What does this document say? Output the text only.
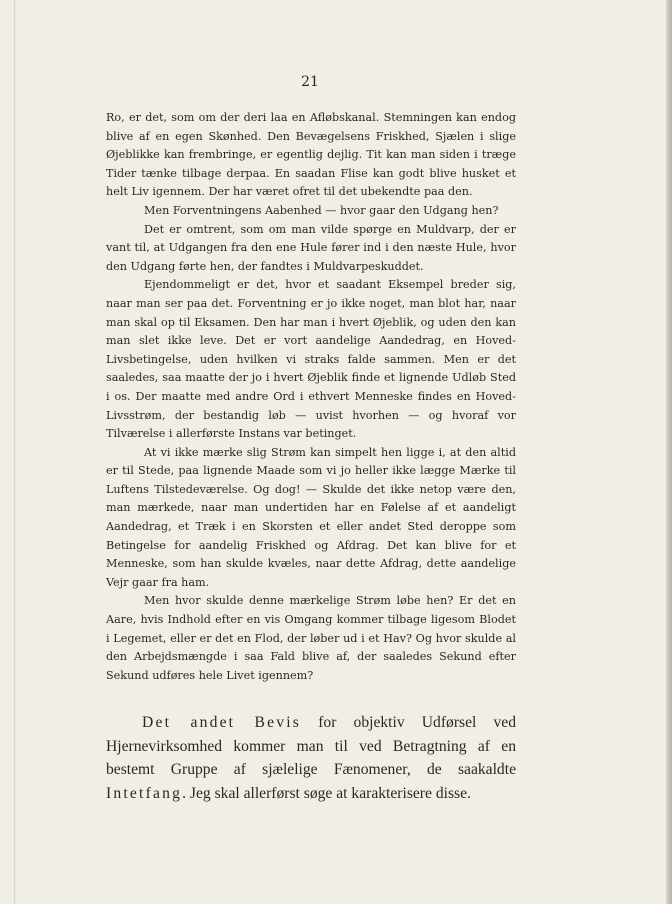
21

Ro, er det, som om der deri laa en Afløbskanal. Stemningen kan endog blive af en egen Skønhed. Den Bevægelsens Friskhed, Sjælen i slige Øjeblikke kan frembringe, er egentlig dejlig. Tit kan man siden i træge Tider tænke tilbage derpaa. En saadan Flise kan godt blive husket et helt Liv igennem. Der har været ofret til det ubekendte paa den.

Men Forventningens Aabenhed — hvor gaar den Udgang hen?

Det er omtrent, som om man vilde spørge en Muldvarp, der er vant til, at Udgangen fra den ene Hule fører ind i den næste Hule, hvor den Udgang førte hen, der fandtes i Muldvarpeskuddet.

Ejendommeligt er det, hvor et saadant Eksempel breder sig, naar man ser paa det. Forventning er jo ikke noget, man blot har, naar man skal op til Eksamen. Den har man i hvert Øjeblik, og uden den kan man slet ikke leve. Det er vort aandelige Aandedrag, en Hoved-Livsbetingelse, uden hvilken vi straks falde sammen. Men er det saaledes, saa maatte der jo i hvert Øjeblik finde et lignende Udløb Sted i os. Der maatte med andre Ord i ethvert Menneske findes en Hoved-Livsstrøm, der bestandig løb — uvist hvorhen — og hvoraf vor Tilværelse i allerførste Instans var betinget.

At vi ikke mærke slig Strøm kan simpelt hen ligge i, at den altid er til Stede, paa lignende Maade som vi jo heller ikke lægge Mærke til Luftens Tilstedeværelse. Og dog! — Skulde det ikke netop være den, man mærkede, naar man undertiden har en Følelse af et aandeligt Aandedrag, et Træk i en Skorsten et eller andet Sted deroppe som Betingelse for aandelig Friskhed og Afdrag. Det kan blive for et Menneske, som han skulde kvæles, naar dette Afdrag, dette aandelige Vejr gaar fra ham.

Men hvor skulde denne mærkelige Strøm løbe hen? Er det en Aare, hvis Indhold efter en vis Omgang kommer tilbage ligesom Blodet i Legemet, eller er det en Flod, der løber ud i et Hav? Og hvor skulde al den Arbejdsmængde i saa Fald blive af, der saaledes Sekund efter Sekund udføres hele Livet igennem?

Det andet Bevis for objektiv Udførsel ved Hjernevirksomhed kommer man til ved Betragtning af en bestemt Gruppe af sjælelige Fænomener, de saakaldte Intetfang. Jeg skal allerførst søge at karakterisere disse.
